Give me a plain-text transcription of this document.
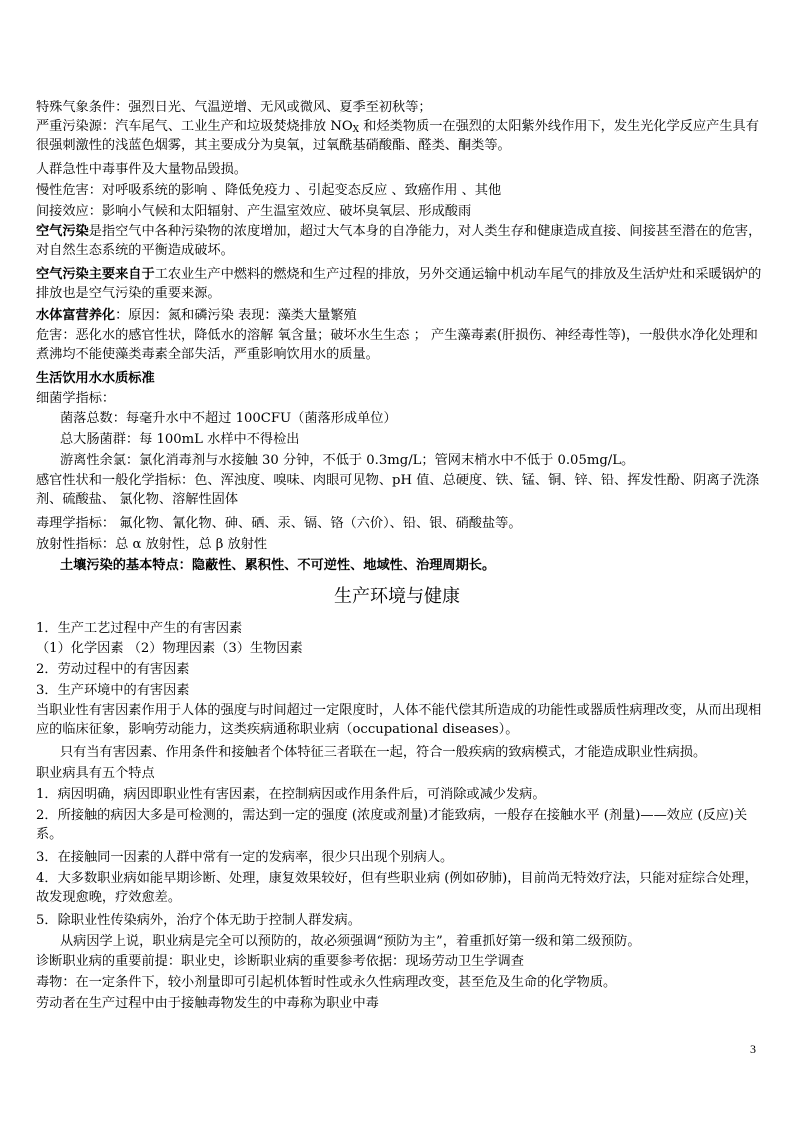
特殊气象条件：强烈日光、气温逆增、无风或微风、夏季至初秋等；
严重污染源：汽车尾气、工业生产和垃圾焚烧排放 $NO_X$ 和烃类物质一在强烈的太阳紫外线作用下，发生光化学反应产生具有很强刺激性的浅蓝色烟雾，其主要成分为臭氧，过氧酰基硝酸酯、醛类、酮类等。
人群急性中毒事件及大量物品毁损。
慢性危害：对呼吸系统的影响 、降低免疫力 、引起变态反应 、致癌作用 、其他
间接效应：影响小气候和太阳辐射、产生温室效应、破坏臭氧层、形成酸雨
空气污染是指空气中各种污染物的浓度增加，超过大气本身的自净能力，对人类生存和健康造成直接、间接甚至潜在的危害，对自然生态系统的平衡造成破坏。
空气污染主要来自于工农业生产中燃料的燃烧和生产过程的排放，另外交通运输中机动车尾气的排放及生活炉灶和采暖锅炉的排放也是空气污染的重要来源。
水体富营养化：原因：氮和磷污染 表现：藻类大量繁殖
危害：恶化水的感官性状，降低水的溶解 氧含量；破坏水生生态 ； 产生藻毒素(肝损伤、神经毒性等)，一般供水净化处理和煮沸均不能使藻类毒素全部失活，严重影响饮用水的质量。
生活饮用水水质标准
细菌学指标：
菌落总数：每毫升水中不超过 100CFU（菌落形成单位）
总大肠菌群：每 100mL 水样中不得检出
游离性余氯：氯化消毒剂与水接触 30 分钟，不低于 0.3mg/L；管网末梢水中不低于 0.05mg/L。
感官性状和一般化学指标：色、浑浊度、嗅味、肉眼可见物、pH 值、总硬度、铁、锰、铜、锌、铅、挥发性酚、阴离子洗涤剂、硫酸盐、 氯化物、溶解性固体
毒理学指标： 氟化物、氰化物、砷、硒、汞、镉、铬（六价）、铅、银、硝酸盐等。
放射性指标：总 α 放射性，总 β 放射性
土壤污染的基本特点：隐蔽性、累积性、不可逆性、地域性、治理周期长。
生产环境与健康
1．生产工艺过程中产生的有害因素
（1）化学因素 （2）物理因素（3）生物因素
2．劳动过程中的有害因素
3．生产环境中的有害因素
当职业性有害因素作用于人体的强度与时间超过一定限度时，人体不能代偿其所造成的功能性或器质性病理改变，从而出现相应的临床征象，影响劳动能力，这类疾病通称职业病（occupational diseases）。
只有当有害因素、作用条件和接触者个体特征三者联在一起，符合一般疾病的致病模式，才能造成职业性病损。
职业病具有五个特点
1．病因明确，病因即职业性有害因素，在控制病因或作用条件后，可消除或减少发病。
2．所接触的病因大多是可检测的，需达到一定的强度 (浓度或剂量)才能致病，一般存在接触水平 (剂量)——效应 (反应)关系。
3．在接触同一因素的人群中常有一定的发病率，很少只出现个别病人。
4．大多数职业病如能早期诊断、处理，康复效果较好，但有些职业病 (例如矽肺)，目前尚无特效疗法，只能对症综合处理，故发现愈晚，疗效愈差。
5．除职业性传染病外，治疗个体无助于控制人群发病。
从病因学上说，职业病是完全可以预防的，故必须强调“预防为主”，着重抓好第一级和第二级预防。
诊断职业病的重要前提：职业史，诊断职业病的重要参考依据：现场劳动卫生学调查
毒物：在一定条件下，较小剂量即可引起机体暂时性或永久性病理改变，甚至危及生命的化学物质。
劳动者在生产过程中由于接触毒物发生的中毒称为职业中毒
3
